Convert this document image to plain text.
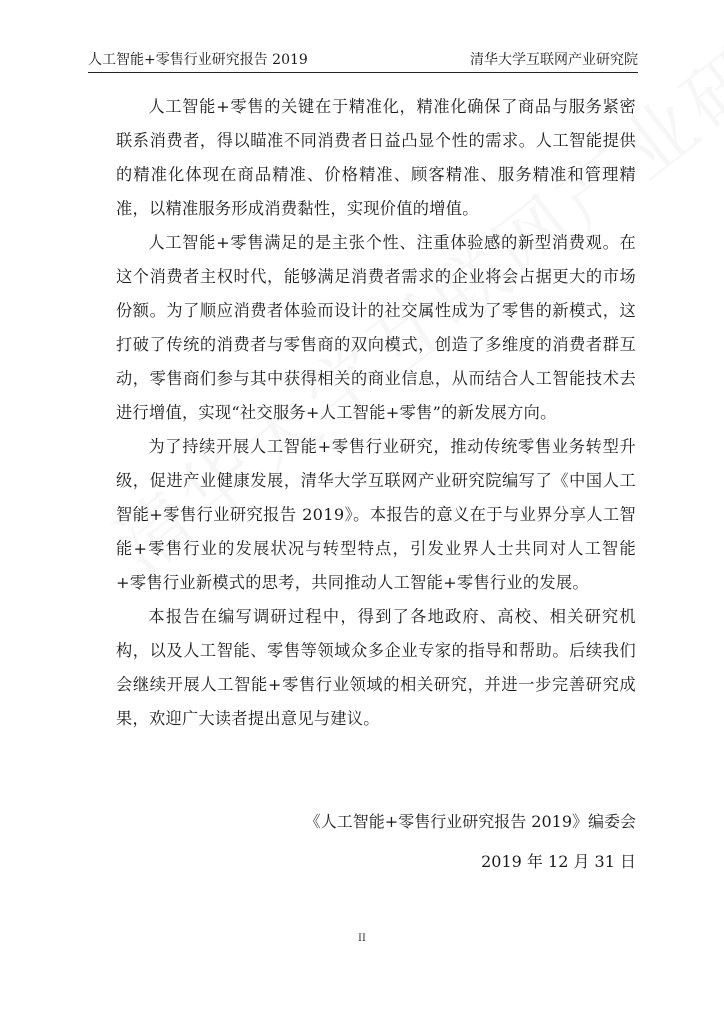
人工智能+零售行业研究报告 2019	清华大学互联网产业研究院

人工智能+零售的关键在于精准化，精准化确保了商品与服务紧密联系消费者，得以瞄准不同消费者日益凸显个性的需求。人工智能提供的精准化体现在商品精准、价格精准、顾客精准、服务精准和管理精准，以精准服务形成消费黏性，实现价值的增值。

人工智能+零售满足的是主张个性、注重体验感的新型消费观。在这个消费者主权时代，能够满足消费者需求的企业将会占据更大的市场份额。为了顺应消费者体验而设计的社交属性成为了零售的新模式，这打破了传统的消费者与零售商的双向模式，创造了多维度的消费者群互动，零售商们参与其中获得相关的商业信息，从而结合人工智能技术去进行增值，实现“社交服务+人工智能+零售”的新发展方向。

为了持续开展人工智能+零售行业研究，推动传统零售业务转型升级，促进产业健康发展，清华大学互联网产业研究院编写了《中国人工智能+零售行业研究报告 2019》。本报告的意义在于与业界分享人工智能+零售行业的发展状况与转型特点，引发业界人士共同对人工智能+零售行业新模式的思考，共同推动人工智能+零售行业的发展。

本报告在编写调研过程中，得到了各地政府、高校、相关研究机构，以及人工智能、零售等领域众多企业专家的指导和帮助。后续我们会继续开展人工智能+零售行业领域的相关研究，并进一步完善研究成果，欢迎广大读者提出意见与建议。

《人工智能+零售行业研究报告 2019》编委会
2019 年 12 月 31 日
II
